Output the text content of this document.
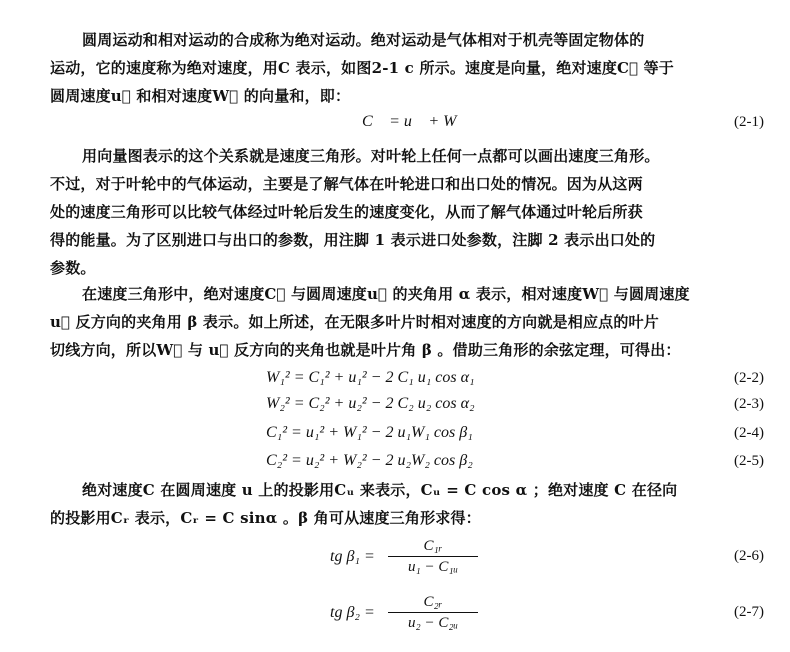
圆周运动和相对运动的合成称为绝对运动。绝对运动是气体相对于机壳等固定物体的
运动，它的速度称为绝对速度，用C 表示，如图2-1 c 所示。速度是向量，绝对速度C⃗ 等于
圆周速度u⃗ 和相对速度W⃗ 的向量和，即：
C⃗ = u⃗ + W⃗	(2-1)
用向量图表示的这个关系就是速度三角形。对叶轮上任何一点都可以画出速度三角形。
不过，对于叶轮中的气体运动，主要是了解气体在叶轮进口和出口处的情况。因为从这两
处的速度三角形可以比较气体经过叶轮后发生的速度变化，从而了解气体通过叶轮后所获
得的能量。为了区别进口与出口的参数，用注脚 1 表示进口处参数，注脚 2 表示出口处的
参数。
在速度三角形中，绝对速度C⃗ 与圆周速度u⃗ 的夹角用 α 表示，相对速度W⃗ 与圆周速度
u⃗ 反方向的夹角用 β 表示。如上所述，在无限多叶片时相对速度的方向就是相应点的叶片
切线方向，所以W⃗ 与 u⃗ 反方向的夹角也就是叶片角 β 。借助三角形的余弦定理，可得出：
W₁² = C₁² + u₁² − 2 C₁ u₁ cos α₁	(2-2)
W₂² = C₂² + u₂² − 2 C₂ u₂ cos α₂	(2-3)
C₁² = u₁² + W₁² − 2 u₁W₁ cos β₁	(2-4)
C₂² = u₂² + W₂² − 2 u₂W₂ cos β₂	(2-5)
绝对速度C 在圆周速度 u 上的投影用Cᵤ 来表示，Cᵤ = C cos α ；绝对速度 C 在径向
的投影用Cᵣ 表示，Cᵣ = C sinα 。β 角可从速度三角形求得：
tg $\beta_1 = \frac{\text{C₁ᵣ}}{\text{u₁ − C₁ᵤ}}$	(2-6)
tg $\beta_2 = \frac{\text{C₂ᵣ}}{\text{u₂ − C₂ᵤ}}$	(2-7)
